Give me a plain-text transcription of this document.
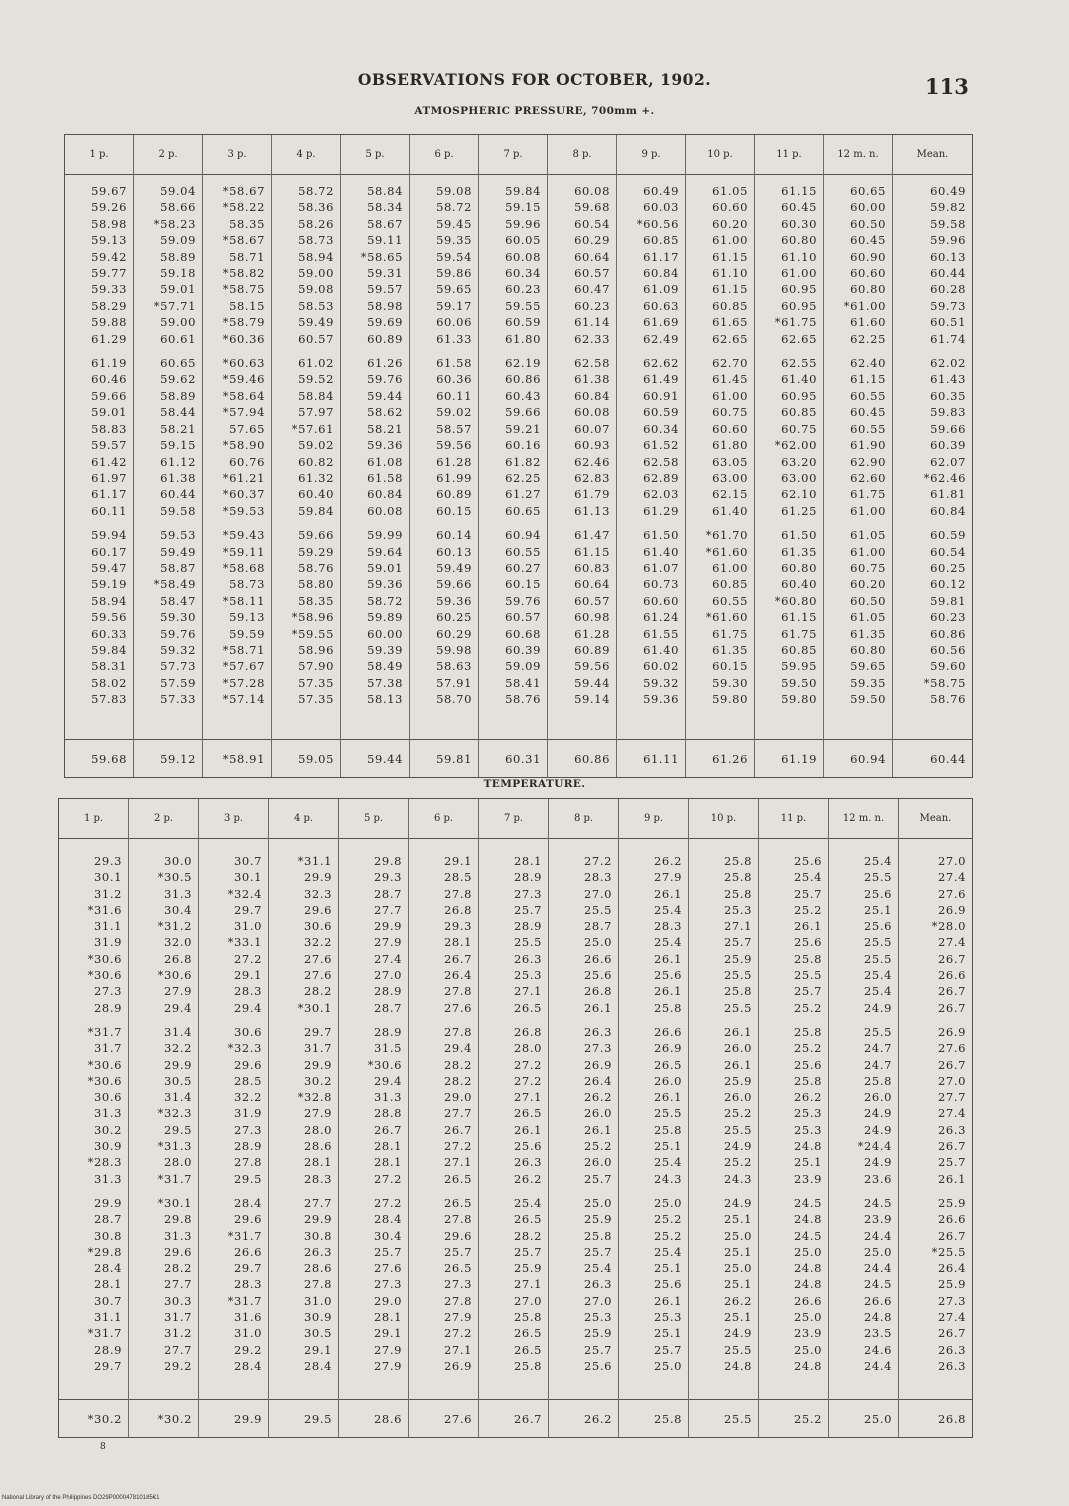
OBSERVATIONS FOR OCTOBER, 1902.	113
ATMOSPHERIC PRESSURE, 700mm +.
1 p.
59.67
59.26
58.98
59.13
59.42
59.77
59.33
58.29
59.88
61.29
61.19
60.46
59.66
59.01
58.83
59.57
61.42
61.97
61.17
60.11
59.94
60.17
59.47
59.19
58.94
59.56
60.33
59.84
58.31
58.02
57.83
59.68
2 p.
59.04
58.66
*58.23
59.09
58.89
59.18
59.01
*57.71
59.00
60.61
60.65
59.62
58.89
58.44
58.21
59.15
61.12
61.38
60.44
59.58
59.53
59.49
58.87
*58.49
58.47
59.30
59.76
59.32
57.73
57.59
57.33
59.12
3 p.
*58.67
*58.22
58.35
*58.67
58.71
*58.82
*58.75
58.15
*58.79
*60.36
*60.63
*59.46
*58.64
*57.94
57.65
*58.90
60.76
*61.21
*60.37
*59.53
*59.43
*59.11
*58.68
58.73
*58.11
59.13
59.59
*58.71
*57.67
*57.28
*57.14
*58.91
4 p.
58.72
58.36
58.26
58.73
58.94
59.00
59.08
58.53
59.49
60.57
61.02
59.52
58.84
57.97
*57.61
59.02
60.82
61.32
60.40
59.84
59.66
59.29
58.76
58.80
58.35
*58.96
*59.55
58.96
57.90
57.35
57.35
59.05
5 p.
58.84
58.34
58.67
59.11
*58.65
59.31
59.57
58.98
59.69
60.89
61.26
59.76
59.44
58.62
58.21
59.36
61.08
61.58
60.84
60.08
59.99
59.64
59.01
59.36
58.72
59.89
60.00
59.39
58.49
57.38
58.13
59.44
6 p.
59.08
58.72
59.45
59.35
59.54
59.86
59.65
59.17
60.06
61.33
61.58
60.36
60.11
59.02
58.57
59.56
61.28
61.99
60.89
60.15
60.14
60.13
59.49
59.66
59.36
60.25
60.29
59.98
58.63
57.91
58.70
59.81
7 p.
59.84
59.15
59.96
60.05
60.08
60.34
60.23
59.55
60.59
61.80
62.19
60.86
60.43
59.66
59.21
60.16
61.82
62.25
61.27
60.65
60.94
60.55
60.27
60.15
59.76
60.57
60.68
60.39
59.09
58.41
58.76
60.31
8 p.
60.08
59.68
60.54
60.29
60.64
60.57
60.47
60.23
61.14
62.33
62.58
61.38
60.84
60.08
60.07
60.93
62.46
62.83
61.79
61.13
61.47
61.15
60.83
60.64
60.57
60.98
61.28
60.89
59.56
59.44
59.14
60.86
9 p.
60.49
60.03
*60.56
60.85
61.17
60.84
61.09
60.63
61.69
62.49
62.62
61.49
60.91
60.59
60.34
61.52
62.58
62.89
62.03
61.29
61.50
61.40
61.07
60.73
60.60
61.24
61.55
61.40
60.02
59.32
59.36
61.11
10 p.
61.05
60.60
60.20
61.00
61.15
61.10
61.15
60.85
61.65
62.65
62.70
61.45
61.00
60.75
60.60
61.80
63.05
63.00
62.15
61.40
*61.70
*61.60
61.00
60.85
60.55
*61.60
61.75
61.35
60.15
59.30
59.80
61.26
11 p.
61.15
60.45
60.30
60.80
61.10
61.00
60.95
60.95
*61.75
62.65
62.55
61.40
60.95
60.85
60.75
*62.00
63.20
63.00
62.10
61.25
61.50
61.35
60.80
60.40
*60.80
61.15
61.75
60.85
59.95
59.50
59.80
61.19
12 m. n.
60.65
60.00
60.50
60.45
60.90
60.60
60.80
*61.00
61.60
62.25
62.40
61.15
60.55
60.45
60.55
61.90
62.90
62.60
61.75
61.00
61.05
61.00
60.75
60.20
60.50
61.05
61.35
60.80
59.65
59.35
59.50
60.94
Mean.
60.49
59.82
59.58
59.96
60.13
60.44
60.28
59.73
60.51
61.74
62.02
61.43
60.35
59.83
59.66
60.39
62.07
*62.46
61.81
60.84
60.59
60.54
60.25
60.12
59.81
60.23
60.86
60.56
59.60
*58.75
58.76
60.44
TEMPERATURE.
1 p.
29.3
30.1
31.2
*31.6
31.1
31.9
*30.6
*30.6
27.3
28.9
*31.7
31.7
*30.6
*30.6
30.6
31.3
30.2
30.9
*28.3
31.3
29.9
28.7
30.8
*29.8
28.4
28.1
30.7
31.1
*31.7
28.9
29.7
*30.2
2 p.
30.0
*30.5
31.3
30.4
*31.2
32.0
26.8
*30.6
27.9
29.4
31.4
32.2
29.9
30.5
31.4
*32.3
29.5
*31.3
28.0
*31.7
*30.1
29.8
31.3
29.6
28.2
27.7
30.3
31.7
31.2
27.7
29.2
*30.2
3 p.
30.7
30.1
*32.4
29.7
31.0
*33.1
27.2
29.1
28.3
29.4
30.6
*32.3
29.6
28.5
32.2
31.9
27.3
28.9
27.8
29.5
28.4
29.6
*31.7
26.6
29.7
28.3
*31.7
31.6
31.0
29.2
28.4
29.9
4 p.
*31.1
29.9
32.3
29.6
30.6
32.2
27.6
27.6
28.2
*30.1
29.7
31.7
29.9
30.2
*32.8
27.9
28.0
28.6
28.1
28.3
27.7
29.9
30.8
26.3
28.6
27.8
31.0
30.9
30.5
29.1
28.4
29.5
5 p.
29.8
29.3
28.7
27.7
29.9
27.9
27.4
27.0
28.9
28.7
28.9
31.5
*30.6
29.4
31.3
28.8
26.7
28.1
28.1
27.2
27.2
28.4
30.4
25.7
27.6
27.3
29.0
28.1
29.1
27.9
27.9
28.6
6 p.
29.1
28.5
27.8
26.8
29.3
28.1
26.7
26.4
27.8
27.6
27.8
29.4
28.2
28.2
29.0
27.7
26.7
27.2
27.1
26.5
26.5
27.8
29.6
25.7
26.5
27.3
27.8
27.9
27.2
27.1
26.9
27.6
7 p.
28.1
28.9
27.3
25.7
28.9
25.5
26.3
25.3
27.1
26.5
26.8
28.0
27.2
27.2
27.1
26.5
26.1
25.6
26.3
26.2
25.4
26.5
28.2
25.7
25.9
27.1
27.0
25.8
26.5
26.5
25.8
26.7
8 p.
27.2
28.3
27.0
25.5
28.7
25.0
26.6
25.6
26.8
26.1
26.3
27.3
26.9
26.4
26.2
26.0
26.1
25.2
26.0
25.7
25.0
25.9
25.8
25.7
25.4
26.3
27.0
25.3
25.9
25.7
25.6
26.2
9 p.
26.2
27.9
26.1
25.4
28.3
25.4
26.1
25.6
26.1
25.8
26.6
26.9
26.5
26.0
26.1
25.5
25.8
25.1
25.4
24.3
25.0
25.2
25.2
25.4
25.1
25.6
26.1
25.3
25.1
25.7
25.0
25.8
10 p.
25.8
25.8
25.8
25.3
27.1
25.7
25.9
25.5
25.8
25.5
26.1
26.0
26.1
25.9
26.0
25.2
25.5
24.9
25.2
24.3
24.9
25.1
25.0
25.1
25.0
25.1
26.2
25.1
24.9
25.5
24.8
25.5
11 p.
25.6
25.4
25.7
25.2
26.1
25.6
25.8
25.5
25.7
25.2
25.8
25.2
25.6
25.8
26.2
25.3
25.3
24.8
25.1
23.9
24.5
24.8
24.5
25.0
24.8
24.8
26.6
25.0
23.9
25.0
24.8
25.2
12 m. n.
25.4
25.5
25.6
25.1
25.6
25.5
25.5
25.4
25.4
24.9
25.5
24.7
24.7
25.8
26.0
24.9
24.9
*24.4
24.9
23.6
24.5
23.9
24.4
25.0
24.4
24.5
26.6
24.8
23.5
24.6
24.4
25.0
Mean.
27.0
27.4
27.6
26.9
*28.0
27.4
26.7
26.6
26.7
26.7
26.9
27.6
26.7
27.0
27.7
27.4
26.3
26.7
25.7
26.1
25.9
26.6
26.7
*25.5
26.4
25.9
27.3
27.4
26.7
26.3
26.3
26.8
8
National Library of the Philippines DO29P000047810185€1
